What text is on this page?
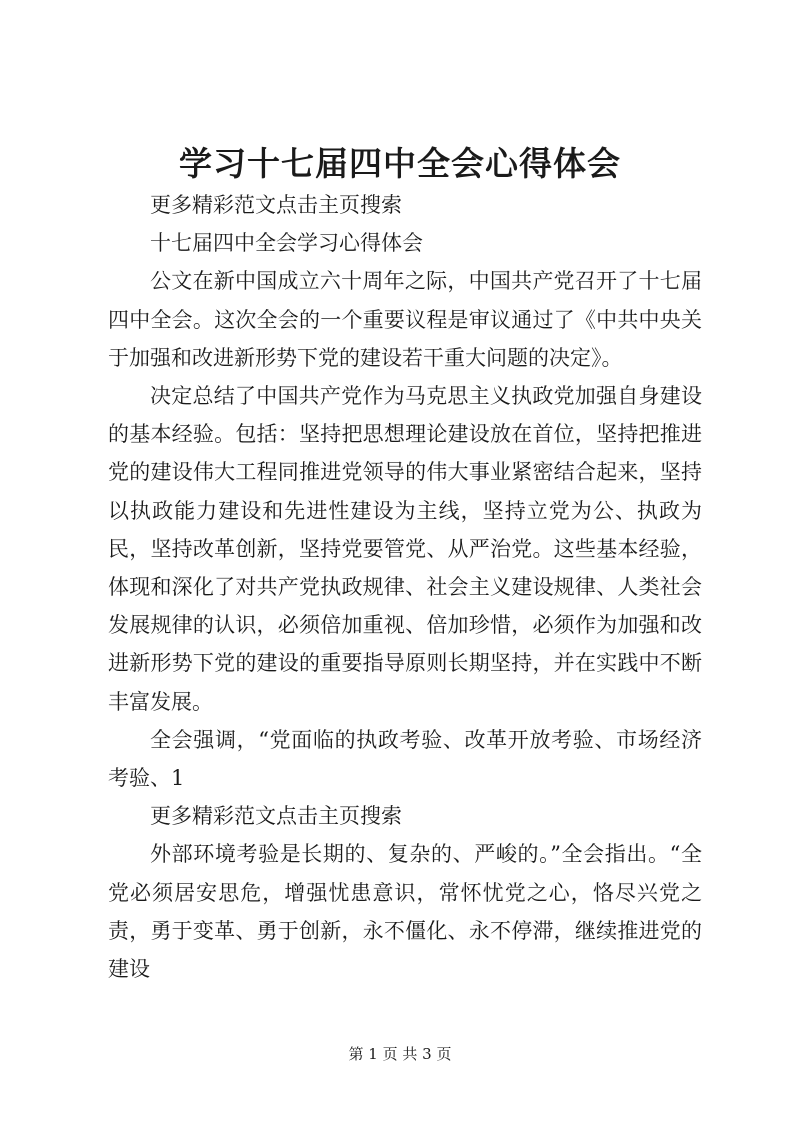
学习十七届四中全会心得体会

更多精彩范文点击主页搜索

十七届四中全会学习心得体会

公文在新中国成立六十周年之际，中国共产党召开了十七届四中全会。这次全会的一个重要议程是审议通过了《中共中央关于加强和改进新形势下党的建设若干重大问题的决定》。

决定总结了中国共产党作为马克思主义执政党加强自身建设的基本经验。包括：坚持把思想理论建设放在首位，坚持把推进党的建设伟大工程同推进党领导的伟大事业紧密结合起来，坚持以执政能力建设和先进性建设为主线，坚持立党为公、执政为民，坚持改革创新，坚持党要管党、从严治党。这些基本经验，体现和深化了对共产党执政规律、社会主义建设规律、人类社会发展规律的认识，必须倍加重视、倍加珍惜，必须作为加强和改进新形势下党的建设的重要指导原则长期坚持，并在实践中不断丰富发展。

全会强调，“党面临的执政考验、改革开放考验、市场经济考验、1

更多精彩范文点击主页搜索

外部环境考验是长期的、复杂的、严峻的。”全会指出。“全党必须居安思危，增强忧患意识，常怀忧党之心，恪尽兴党之责，勇于变革、勇于创新，永不僵化、永不停滞，继续推进党的建设

第 1 页 共 3 页
